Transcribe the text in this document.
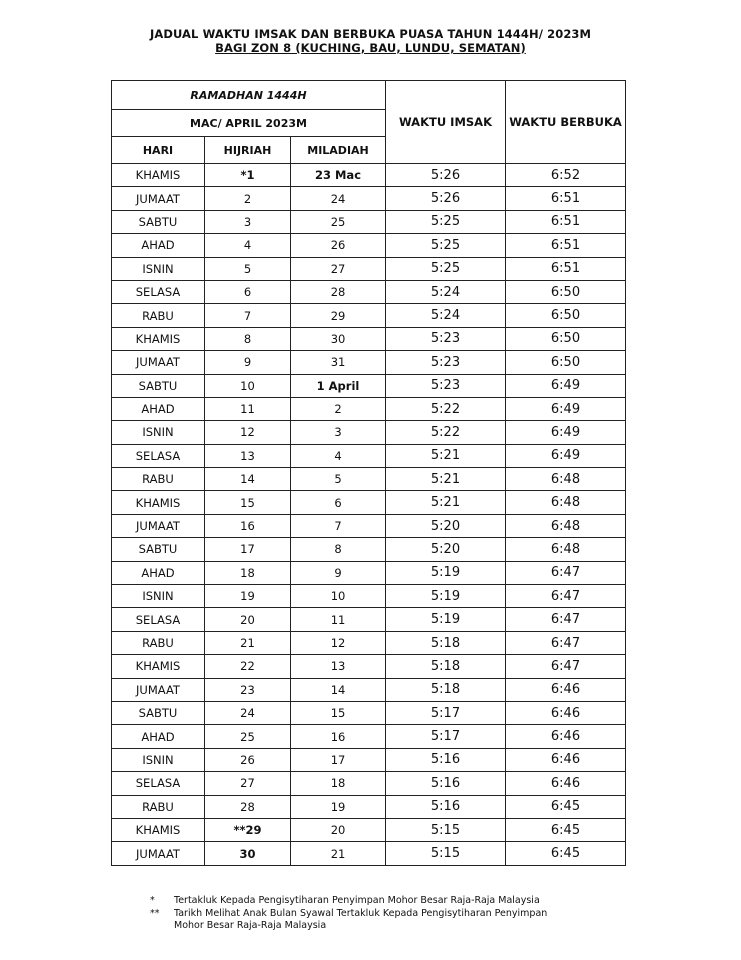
JADUAL WAKTU IMSAK DAN BERBUKA PUASA TAHUN 1444H/ 2023M
BAGI ZON 8 (KUCHING, BAU, LUNDU, SEMATAN)
RAMADHAN 1444H			WAKTU IMSAK	WAKTU BERBUKA
MAC/ APRIL 2023M				
HARI	HIJRIAH	MILADIAH		
KHAMIS	*1	23 Mac	5:26	6:52
JUMAAT	2	24	5:26	6:51
SABTU	3	25	5:25	6:51
AHAD	4	26	5:25	6:51
ISNIN	5	27	5:25	6:51
SELASA	6	28	5:24	6:50
RABU	7	29	5:24	6:50
KHAMIS	8	30	5:23	6:50
JUMAAT	9	31	5:23	6:50
SABTU	10	1 April	5:23	6:49
AHAD	11	2	5:22	6:49
ISNIN	12	3	5:22	6:49
SELASA	13	4	5:21	6:49
RABU	14	5	5:21	6:48
KHAMIS	15	6	5:21	6:48
JUMAAT	16	7	5:20	6:48
SABTU	17	8	5:20	6:48
AHAD	18	9	5:19	6:47
ISNIN	19	10	5:19	6:47
SELASA	20	11	5:19	6:47
RABU	21	12	5:18	6:47
KHAMIS	22	13	5:18	6:47
JUMAAT	23	14	5:18	6:46
SABTU	24	15	5:17	6:46
AHAD	25	16	5:17	6:46
ISNIN	26	17	5:16	6:46
SELASA	27	18	5:16	6:46
RABU	28	19	5:16	6:45
KHAMIS	**29	20	5:15	6:45
JUMAAT	30	21	5:15	6:45
* Tertakluk Kepada Pengisytiharan Penyimpan Mohor Besar Raja-Raja Malaysia
** Tarikh Melihat Anak Bulan Syawal Tertakluk Kepada Pengisytiharan Penyimpan Mohor Besar Raja-Raja Malaysia
